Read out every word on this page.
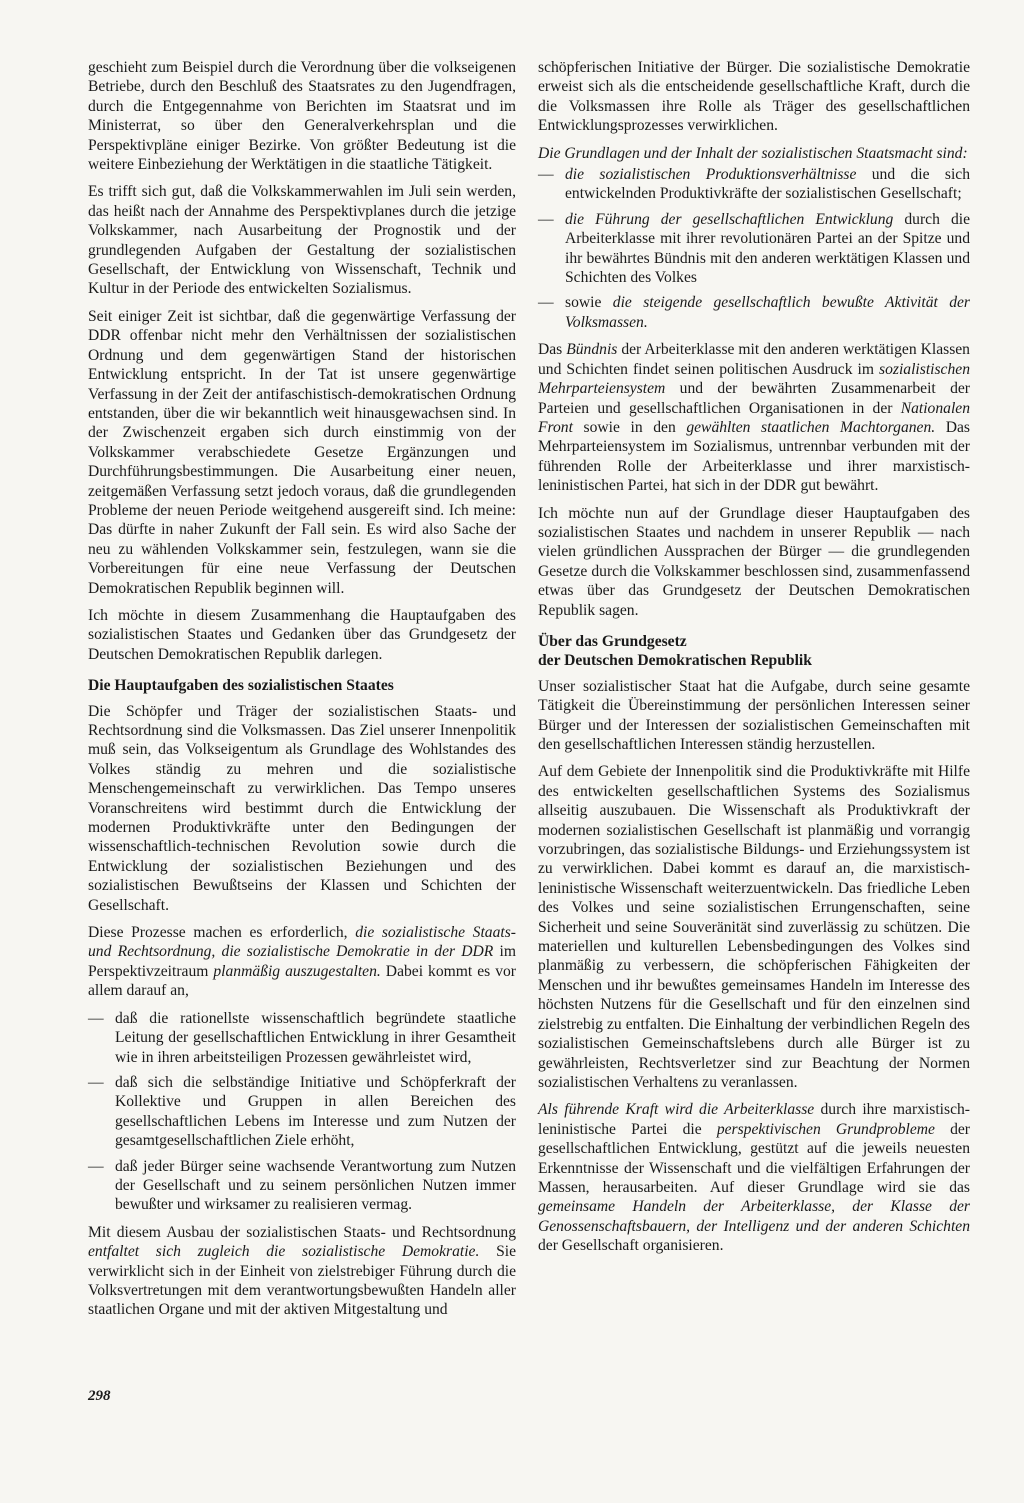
geschieht zum Beispiel durch die Verordnung über die volkseigenen Betriebe, durch den Beschluß des Staatsrates zu den Jugendfragen, durch die Entgegennahme von Berichten im Staatsrat und im Ministerrat, so über den Generalverkehrsplan und die Perspektivpläne einiger Bezirke. Von größter Bedeutung ist die weitere Einbeziehung der Werktätigen in die staatliche Tätigkeit.

Es trifft sich gut, daß die Volkskammerwahlen im Juli sein werden, das heißt nach der Annahme des Perspektivplanes durch die jetzige Volkskammer, nach Ausarbeitung der Prognostik und der grundlegenden Aufgaben der Gestaltung der sozialistischen Gesellschaft, der Entwicklung von Wissenschaft, Technik und Kultur in der Periode des entwickelten Sozialismus.

Seit einiger Zeit ist sichtbar, daß die gegenwärtige Verfassung der DDR offenbar nicht mehr den Verhältnissen der sozialistischen Ordnung und dem gegenwärtigen Stand der historischen Entwicklung entspricht. In der Tat ist unsere gegenwärtige Verfassung in der Zeit der antifaschistisch-demokratischen Ordnung entstanden, über die wir bekanntlich weit hinausgewachsen sind. In der Zwischenzeit ergaben sich durch einstimmig von der Volkskammer verabschiedete Gesetze Ergänzungen und Durchführungsbestimmungen. Die Ausarbeitung einer neuen, zeitgemäßen Verfassung setzt jedoch voraus, daß die grundlegenden Probleme der neuen Periode weitgehend ausgereift sind. Ich meine: Das dürfte in naher Zukunft der Fall sein. Es wird also Sache der neu zu wählenden Volkskammer sein, festzulegen, wann sie die Vorbereitungen für eine neue Verfassung der Deutschen Demokratischen Republik beginnen will.

Ich möchte in diesem Zusammenhang die Hauptaufgaben des sozialistischen Staates und Gedanken über das Grundgesetz der Deutschen Demokratischen Republik darlegen.

Die Hauptaufgaben des sozialistischen Staates

Die Schöpfer und Träger der sozialistischen Staats- und Rechtsordnung sind die Volksmassen. Das Ziel unserer Innenpolitik muß sein, das Volkseigentum als Grundlage des Wohlstandes des Volkes ständig zu mehren und die sozialistische Menschengemeinschaft zu verwirklichen. Das Tempo unseres Voranschreitens wird bestimmt durch die Entwicklung der modernen Produktivkräfte unter den Bedingungen der wissenschaftlich-technischen Revolution sowie durch die Entwicklung der sozialistischen Beziehungen und des sozialistischen Bewußtseins der Klassen und Schichten der Gesellschaft.

Diese Prozesse machen es erforderlich, die sozialistische Staats- und Rechtsordnung, die sozialistische Demokratie in der DDR im Perspektivzeitraum planmäßig auszugestalten. Dabei kommt es vor allem darauf an,

— daß die rationellste wissenschaftlich begründete staatliche Leitung der gesellschaftlichen Entwicklung in ihrer Gesamtheit wie in ihren arbeitsteiligen Prozessen gewährleistet wird,
— daß sich die selbständige Initiative und Schöpferkraft der Kollektive und Gruppen in allen Bereichen des gesellschaftlichen Lebens im Interesse und zum Nutzen der gesamtgesellschaftlichen Ziele erhöht,
— daß jeder Bürger seine wachsende Verantwortung zum Nutzen der Gesellschaft und zu seinem persönlichen Nutzen immer bewußter und wirksamer zu realisieren vermag.

Mit diesem Ausbau der sozialistischen Staats- und Rechtsordnung entfaltet sich zugleich die sozialistische Demokratie. Sie verwirklicht sich in der Einheit von zielstrebiger Führung durch die Volksvertretungen mit dem verantwortungsbewußten Handeln aller staatlichen Organe und mit der aktiven Mitgestaltung und

schöpferischen Initiative der Bürger. Die sozialistische Demokratie erweist sich als die entscheidende gesellschaftliche Kraft, durch die die Volksmassen ihre Rolle als Träger des gesellschaftlichen Entwicklungsprozesses verwirklichen.

Die Grundlagen und der Inhalt der sozialistischen Staatsmacht sind:

— die sozialistischen Produktionsverhältnisse und die sich entwickelnden Produktivkräfte der sozialistischen Gesellschaft;
— die Führung der gesellschaftlichen Entwicklung durch die Arbeiterklasse mit ihrer revolutionären Partei an der Spitze und ihr bewährtes Bündnis mit den anderen werktätigen Klassen und Schichten des Volkes
— sowie die steigende gesellschaftlich bewußte Aktivität der Volksmassen.

Das Bündnis der Arbeiterklasse mit den anderen werktätigen Klassen und Schichten findet seinen politischen Ausdruck im sozialistischen Mehrparteiensystem und der bewährten Zusammenarbeit der Parteien und gesellschaftlichen Organisationen in der Nationalen Front sowie in den gewählten staatlichen Machtorganen. Das Mehrparteiensystem im Sozialismus, untrennbar verbunden mit der führenden Rolle der Arbeiterklasse und ihrer marxistisch-leninistischen Partei, hat sich in der DDR gut bewährt.

Ich möchte nun auf der Grundlage dieser Hauptaufgaben des sozialistischen Staates und nachdem in unserer Republik — nach vielen gründlichen Aussprachen der Bürger — die grundlegenden Gesetze durch die Volkskammer beschlossen sind, zusammenfassend etwas über das Grundgesetz der Deutschen Demokratischen Republik sagen.

Über das Grundgesetz
der Deutschen Demokratischen Republik

Unser sozialistischer Staat hat die Aufgabe, durch seine gesamte Tätigkeit die Übereinstimmung der persönlichen Interessen seiner Bürger und der Interessen der sozialistischen Gemeinschaften mit den gesellschaftlichen Interessen ständig herzustellen.

Auf dem Gebiete der Innenpolitik sind die Produktivkräfte mit Hilfe des entwickelten gesellschaftlichen Systems des Sozialismus allseitig auszubauen. Die Wissenschaft als Produktivkraft der modernen sozialistischen Gesellschaft ist planmäßig und vorrangig vorzubringen, das sozialistische Bildungs- und Erziehungssystem ist zu verwirklichen. Dabei kommt es darauf an, die marxistisch-leninistische Wissenschaft weiterzuentwickeln. Das friedliche Leben des Volkes und seine sozialistischen Errungenschaften, seine Sicherheit und seine Souveränität sind zuverlässig zu schützen. Die materiellen und kulturellen Lebensbedingungen des Volkes sind planmäßig zu verbessern, die schöpferischen Fähigkeiten der Menschen und ihr bewußtes gemeinsames Handeln im Interesse des höchsten Nutzens für die Gesellschaft und für den einzelnen sind zielstrebig zu entfalten. Die Einhaltung der verbindlichen Regeln des sozialistischen Gemeinschaftslebens durch alle Bürger ist zu gewährleisten, Rechtsverletzer sind zur Beachtung der Normen sozialistischen Verhaltens zu veranlassen.

Als führende Kraft wird die Arbeiterklasse durch ihre marxistisch-leninistische Partei die perspektivischen Grundprobleme der gesellschaftlichen Entwicklung, gestützt auf die jeweils neuesten Erkenntnisse der Wissenschaft und die vielfältigen Erfahrungen der Massen, herausarbeiten. Auf dieser Grundlage wird sie das gemeinsame Handeln der Arbeiterklasse, der Klasse der Genossenschaftsbauern, der Intelligenz und der anderen Schichten der Gesellschaft organisieren.

298
